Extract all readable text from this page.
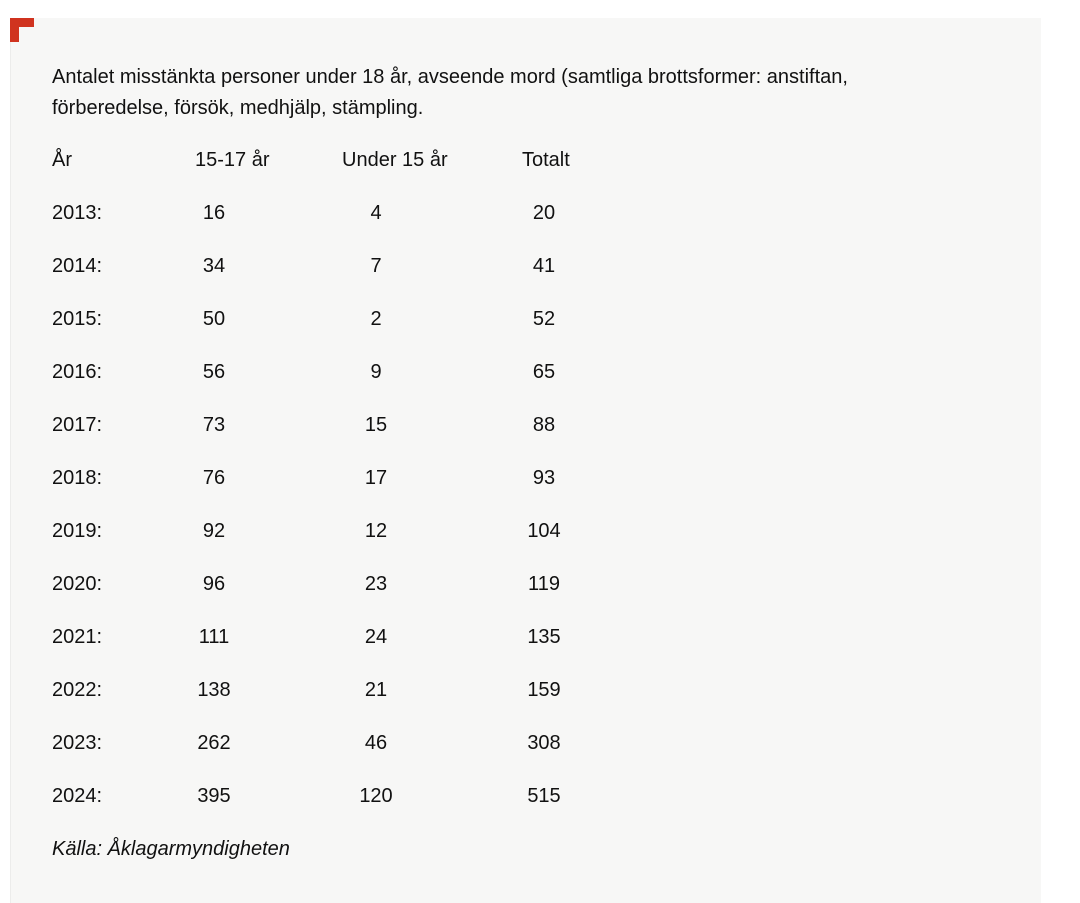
Antalet misstänkta personer under 18 år, avseende mord (samtliga brottsformer: anstiftan, förberedelse, försök, medhjälp, stämpling.

År	15-17 år	Under 15 år	Totalt
2013:	16	4	20
2014:	34	7	41
2015:	50	2	52
2016:	56	9	65
2017:	73	15	88
2018:	76	17	93
2019:	92	12	104
2020:	96	23	119
2021:	111	24	135
2022:	138	21	159
2023:	262	46	308
2024:	395	120	515
Källa: Åklagarmyndigheten
